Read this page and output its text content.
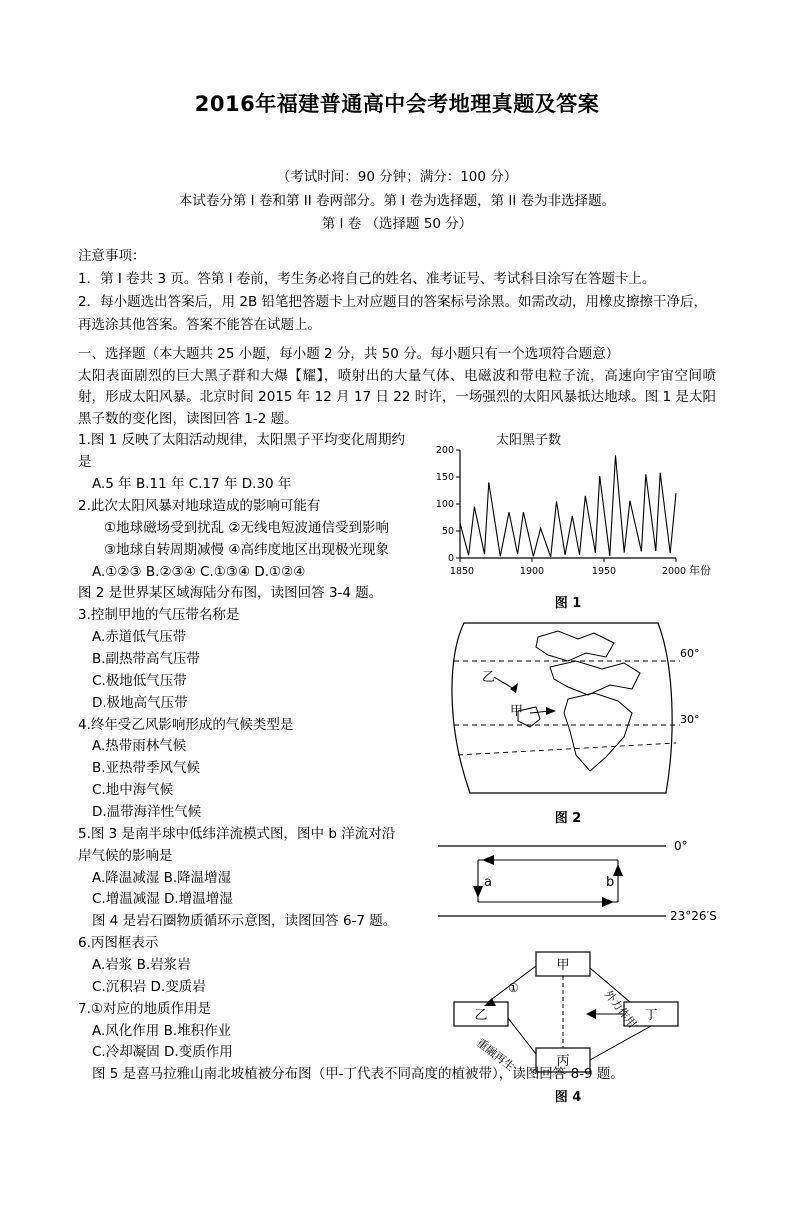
2016年福建普通高中会考地理真题及答案
（考试时间：90 分钟；满分：100 分）
本试卷分第 I 卷和第 II 卷两部分。第 I 卷为选择题，第 II 卷为非选择题。
第 I 卷 （选择题 50 分）

注意事项：

1．第 I 卷共 3 页。答第 I 卷前，考生务必将自己的姓名、准考证号、考试科目涂写在答题卡上。

2．每小题选出答案后，用 2B 铅笔把答题卡上对应题目的答案标号涂黑。如需改动，用橡皮擦擦干净后，再选涂其他答案。答案不能答在试题上。

一、选择题（本大题共 25 小题，每小题 2 分，共 50 分。每小题只有一个选项符合题意）
太阳表面剧烈的巨大黑子群和大爆【耀】，喷射出的大量气体、电磁波和带电粒子流，高速向宇宙空间喷射，形成太阳风暴。北京时间 2015 年 12 月 17 日 22 时许，一场强烈的太阳风暴抵达地球。图 1 是太阳黑子数的变化图，读图回答 1-2 题。

1.图 1 反映了太阳活动规律，太阳黑子平均变化周期约是

A.5 年 B.11 年 C.17 年 D.30 年

2.此次太阳风暴对地球造成的影响可能有

①地球磁场受到扰乱 ②无线电短波通信受到影响

③地球自转周期减慢 ④高纬度地区出现极光现象

A.①②③ B.②③④ C.①③④ D.①②④

图 2 是世界某区域海陆分布图，读图回答 3-4 题。

3.控制甲地的气压带名称是

A.赤道低气压带

B.副热带高气压带

C.极地低气压带

D.极地高气压带

4.终年受乙风影响形成的气候类型是

A.热带雨林气候

B.亚热带季风气候

C.地中海气候

D.温带海洋性气候

5.图 3 是南半球中低纬洋流模式图，图中 b 洋流对沿岸气候的影响是

A.降温减湿 B.降温增湿

C.增温减湿 D.增温增湿

图 4 是岩石圈物质循环示意图，读图回答 6-7 题。

6.丙图框表示

A.岩浆 B.岩浆岩

C.沉积岩 D.变质岩

7.①对应的地质作用是

A.风化作用 B.堆积作业

C.冷却凝固 D.变质作用

太阳黑子数
0
50
100
150
200
1850	1900	1950	2000 年份
图 1
60°
30°
乙
甲
图 2
0°
23°26′S
a	b
甲
乙	丁
丙
①	外力作用
重融再生
图 4
图 5 是喜马拉雅山南北坡植被分布图（甲-丁代表不同高度的植被带），读图回答 8-9 题。
